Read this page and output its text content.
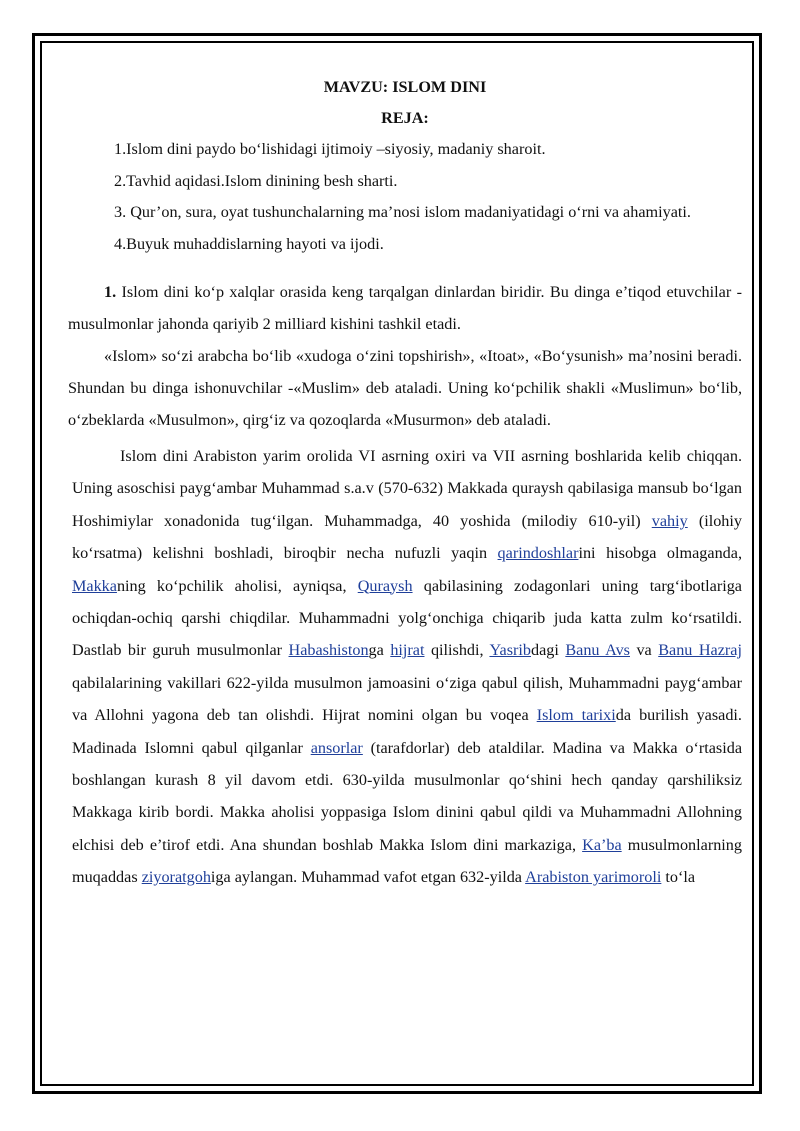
MAVZU: ISLOM DINI

REJA:

1.Islom dini paydo bo‘lishidagi ijtimoiy –siyosiy, madaniy sharoit.

2.Tavhid aqidasi.Islom dinining besh sharti.

3. Qur’on, sura, oyat tushunchalarning ma’nosi islom madaniyatidagi o‘rni va ahamiyati.

4.Buyuk muhaddislarning hayoti va ijodi.

1. Islom dini ko‘p xalqlar orasida keng tarqalgan dinlardan biridir. Bu dinga e’tiqod etuvchilar - musulmonlar jahonda qariyib 2 milliard kishini tashkil etadi.

«Islom» so‘zi arabcha bo‘lib «xudoga o‘zini topshirish», «Itoat», «Bo‘ysunish» ma’nosini beradi. Shundan bu dinga ishonuvchilar -«Muslim» deb ataladi. Uning ko‘pchilik shakli «Muslimun» bo‘lib, o‘zbeklarda «Musulmon», qirg‘iz va qozoqlarda «Musurmon» deb ataladi.

Islom dini Arabiston yarim orolida VI asrning oxiri va VII asrning boshlarida kelib chiqqan. Uning asoschisi payg‘ambar Muhammad s.a.v (570-632) Makkada quraysh qabilasiga mansub bo‘lgan Hoshimiylar xonadonida tug‘ilgan. Muhammadga, 40 yoshida (milodiy 610-yil) vahiy (ilohiy ko‘rsatma) kelishni boshladi, biroqbir necha nufuzli yaqin qarindoshlarini hisobga olmaganda, Makkaning ko‘pchilik aholisi, ayniqsa, Quraysh qabilasining zodagonlari uning targ‘ibotlariga ochiqdan-ochiq qarshi chiqdilar. Muhammadni yolg‘onchiga chiqarib juda katta zulm ko‘rsatildi. Dastlab bir guruh musulmonlar Habashistonga hijrat qilishdi, Yasribdagi Banu Avs va Banu Hazraj qabilalarining vakillari 622-yilda musulmon jamoasini o‘ziga qabul qilish, Muhammadni payg‘ambar va Allohni yagona deb tan olishdi. Hijrat nomini olgan bu voqea Islom tarixida burilish yasadi. Madinada Islomni qabul qilganlar ansorlar (tarafdorlar) deb ataldilar. Madina va Makka o‘rtasida boshlangan kurash 8 yil davom etdi. 630-yilda musulmonlar qo‘shini hech qanday qarshiliksiz Makkaga kirib bordi. Makka aholisi yoppasiga Islom dinini qabul qildi va Muhammadni Allohning elchisi deb e’tirof etdi. Ana shundan boshlab Makka Islom dini markaziga, Ka’ba musulmonlarning muqaddas ziyoratgohiga aylangan. Muhammad vafot etgan 632-yilda Arabiston yarimoroli to‘la
